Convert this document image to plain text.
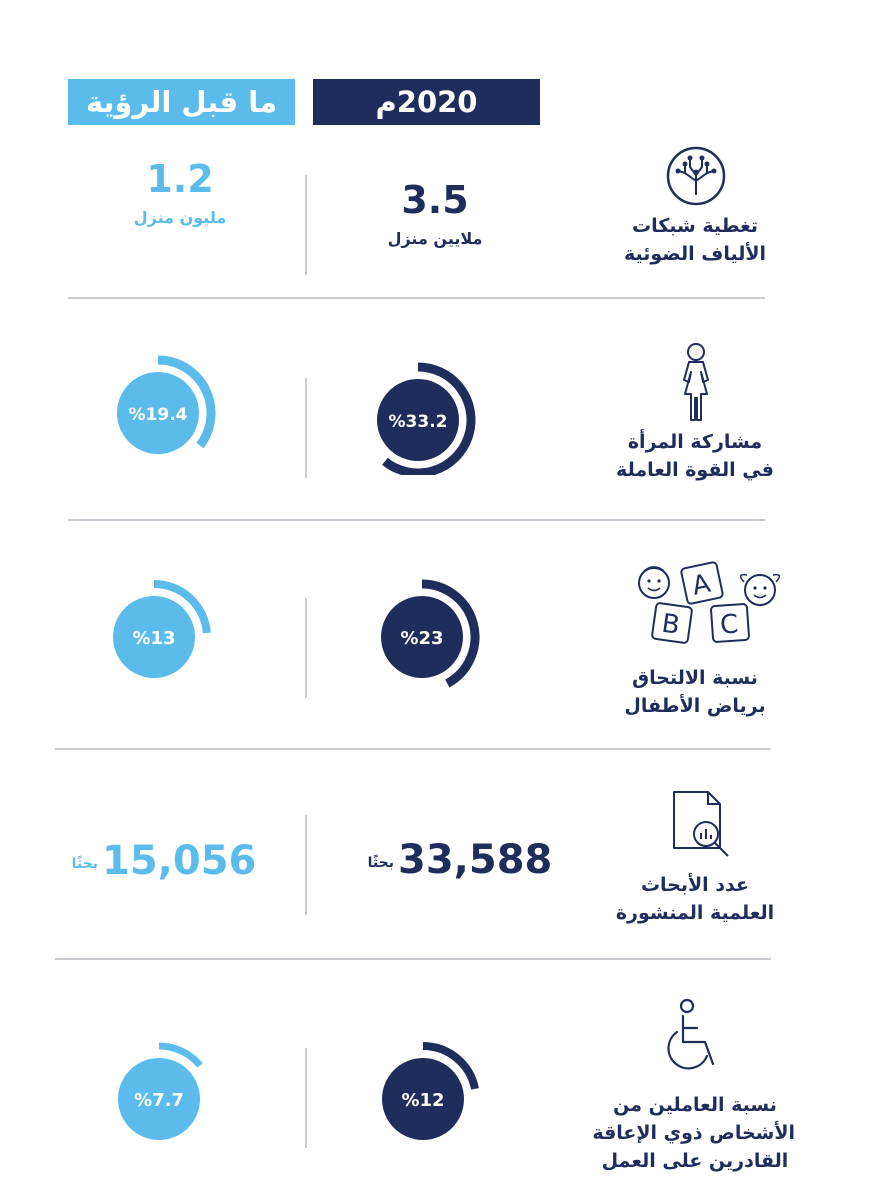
2020م
ما قبل الرؤية
تغطية شبكات
الألياف الضوئية
3.5
ملايين منزل
1.2
مليون منزل
مشاركة المرأة
في القوة العاملة
%33.2
%19.4
A
B C
نسبة الالتحاق
برياض الأطفال
%23
%13
عدد الأبحاث
العلمية المنشورة
33,588
بحثًا
15,056
بحثًا
نسبة العاملين من
الأشخاص ذوي الإعاقة
القادرين على العمل
%12
%7.7
